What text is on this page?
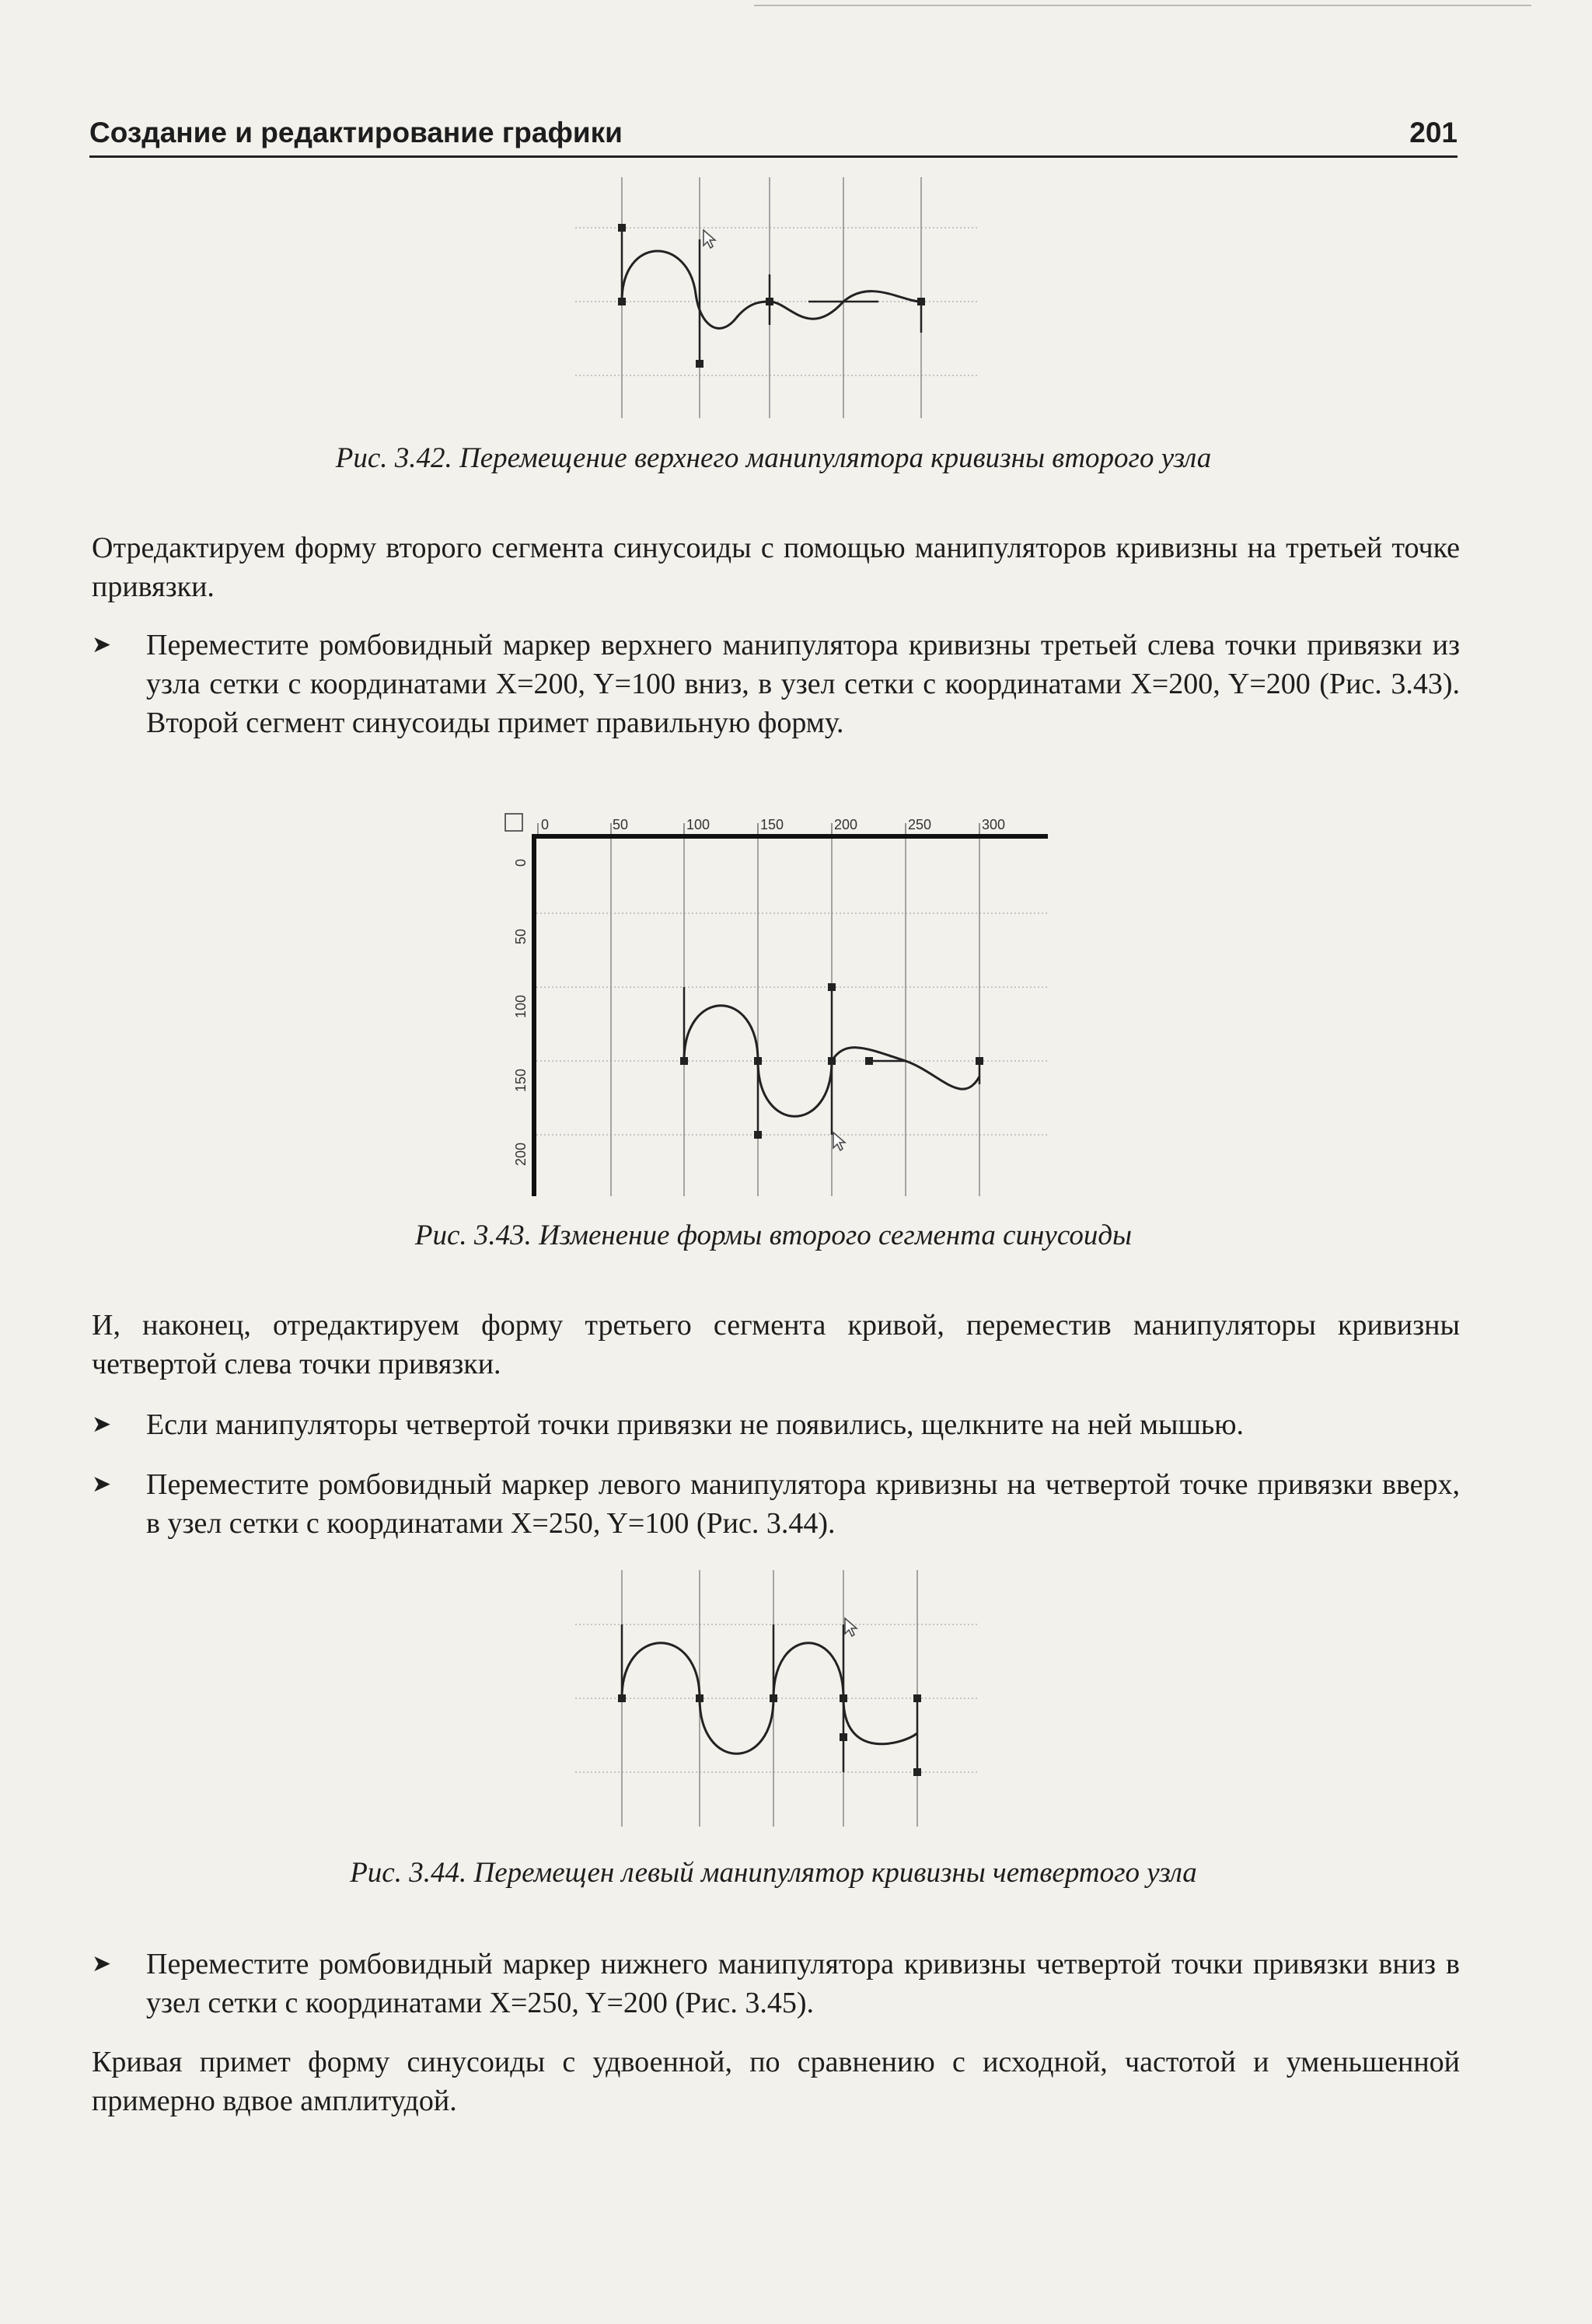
Создание и редактирование графики	201
Рис. 3.42. Перемещение верхнего манипулятора кривизны второго узла
Отредактируем форму второго сегмента синусоиды с помощью манипуляторов кривизны на третьей точке привязки.
➤	Переместите ромбовидный маркер верхнего манипулятора кривизны третьей слева точки привязки из узла сетки с координатами X=200, Y=100 вниз, в узел сетки с координатами X=200, Y=200 (Рис. 3.43). Второй сегмент синусоиды примет правильную форму.
0	50	100	150	200	250	300
0
50
100
150
200
Рис. 3.43. Изменение формы второго сегмента синусоиды
И, наконец, отредактируем форму третьего сегмента кривой, переместив манипуляторы кривизны четвертой слева точки привязки.
➤	Если манипуляторы четвертой точки привязки не появились, щелкните на ней мышью.
➤	Переместите ромбовидный маркер левого манипулятора кривизны на четвертой точке привязки вверх, в узел сетки с координатами X=250, Y=100 (Рис. 3.44).
Рис. 3.44. Перемещен левый манипулятор кривизны четвертого узла
➤	Переместите ромбовидный маркер нижнего манипулятора кривизны четвертой точки привязки вниз в узел сетки с координатами X=250, Y=200 (Рис. 3.45).
Кривая примет форму синусоиды с удвоенной, по сравнению с исходной, частотой и уменьшенной примерно вдвое амплитудой.
